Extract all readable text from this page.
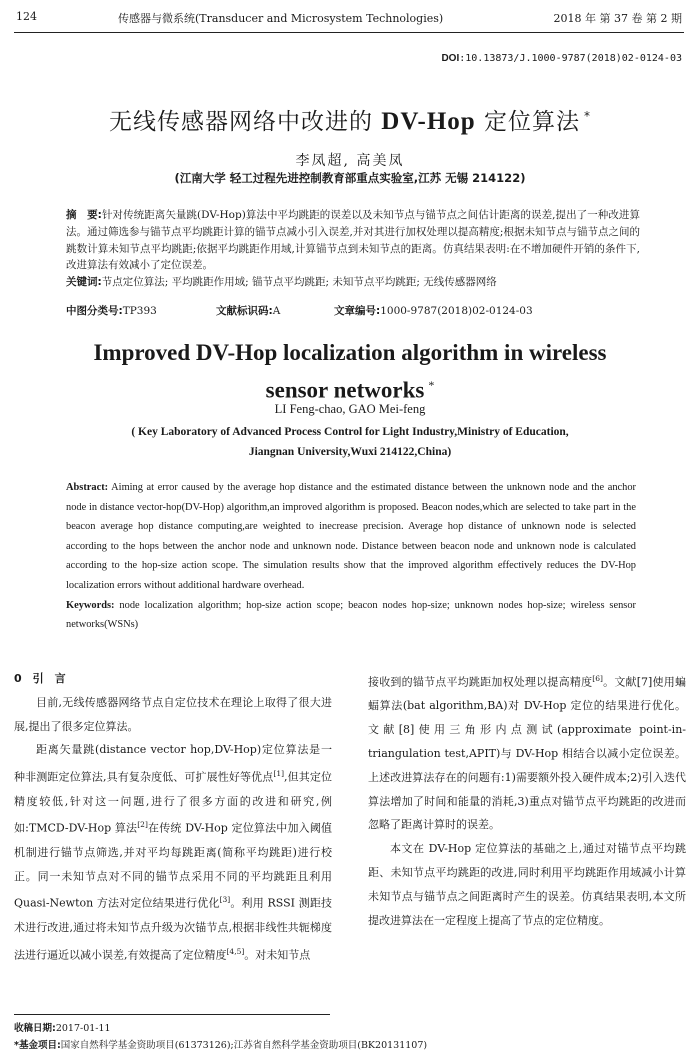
124	传感器与微系统(Transducer and Microsystem Technologies)	2018 年 第 37 卷 第 2 期
DOI:10.13873/J.1000-9787(2018)02-0124-03
无线传感器网络中改进的 DV-Hop 定位算法 *
李凤超, 高美凤
(江南大学 轻工过程先进控制教育部重点实验室,江苏 无锡 214122)
摘　要:针对传统距离矢量跳(DV-Hop)算法中平均跳距的误差以及未知节点与锚节点之间估计距离的误差,提出了一种改进算法。通过筛选参与锚节点平均跳距计算的锚节点减小引入误差,并对其进行加权处理以提高精度;根据未知节点与锚节点之间的跳数计算未知节点平均跳距;依据平均跳距作用域,计算锚节点到未知节点的距离。仿真结果表明:在不增加硬件开销的条件下,改进算法有效减小了定位误差。
关键词:节点定位算法; 平均跳距作用域; 锚节点平均跳距; 未知节点平均跳距; 无线传感器网络
中图分类号:TP393	文献标识码:A	文章编号:1000-9787(2018)02-0124-03
Improved DV-Hop localization algorithm in wireless
sensor networks *
LI Feng-chao, GAO Mei-feng
( Key Laboratory of Advanced Process Control for Light Industry,Ministry of Education,
Jiangnan University,Wuxi 214122,China)
Abstract: Aiming at error caused by the average hop distance and the estimated distance between the unknown node and the anchor node in distance vector-hop(DV-Hop) algorithm,an improved algorithm is proposed. Beacon nodes,which are selected to take part in the beacon average hop distance computing,are weighted to inecrease precision. Average hop distance of unknown node is selected according to the hops between the anchor node and unknown node. Distance between beacon node and unknown node is calculated according to the hop-size action scope. The simulation results show that the improved algorithm effectively reduces the DV-Hop localization errors without additional hardware overhead.
Keywords: node localization algorithm; hop-size action scope; beacon nodes hop-size; unknown nodes hop-size; wireless sensor networks(WSNs)

0　引　言

目前,无线传感器网络节点自定位技术在理论上取得了很大进展,提出了很多定位算法。

距离矢量跳(distance vector hop,DV-Hop)定位算法是一种非测距定位算法,具有复杂度低、可扩展性好等优点[1],但其定位精度较低,针对这一问题,进行了很多方面的改进和研究,例如:TMCD-DV-Hop 算法[2]在传统 DV-Hop 定位算法中加入阈值机制进行锚节点筛选,并对平均每跳距离(简称平均跳距)进行校正。同一未知节点对不同的锚节点采用不同的平均跳距且利用 Quasi-Newton 方法对定位结果进行优化[3]。利用 RSSI 测距技术进行改进,通过将未知节点升级为次锚节点,根据非线性共轭梯度法进行逼近以减小误差,有效提高了定位精度[4,5]。对未知节点

接收到的锚节点平均跳距加权处理以提高精度[6]。文献[7]使用蝙蝠算法(bat algorithm,BA)对 DV-Hop 定位的结果进行优化。文献[8]使用三角形内点测试(approximate point-in-triangulation test,APIT)与 DV-Hop 相结合以减小定位误差。上述改进算法存在的问题有:1)需要额外投入硬件成本;2)引入迭代算法增加了时间和能量的消耗,3)重点对锚节点平均跳距的改进而忽略了距离计算时的误差。

本文在 DV-Hop 定位算法的基础之上,通过对锚节点平均跳距、未知节点平均跳距的改进,同时利用平均跳距作用域减小计算未知节点与锚节点之间距离时产生的误差。仿真结果表明,本文所提改进算法在一定程度上提高了节点的定位精度。

收稿日期:2017-01-11
*基金项目:国家自然科学基金资助项目(61373126);江苏省自然科学基金资助项目(BK20131107)
